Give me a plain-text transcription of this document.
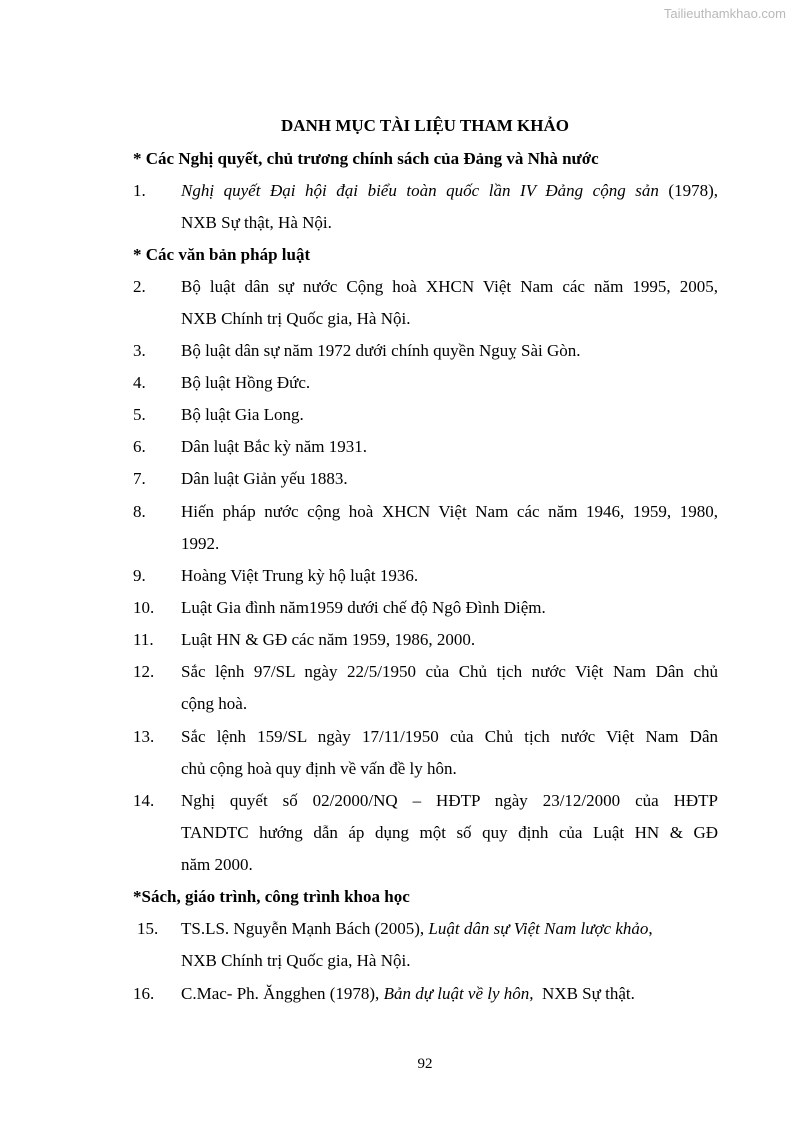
Tailieuthamkhao.com
DANH MỤC TÀI LIỆU THAM KHẢO
* Các Nghị quyết, chủ trương chính sách của Đảng và Nhà nước
1. Nghị quyết Đại hội đại biểu toàn quốc lần IV Đảng cộng sản (1978),
NXB Sự thật, Hà Nội.
* Các văn bản pháp luật
2. Bộ luật dân sự nước Cộng hoà XHCN Việt Nam các năm 1995, 2005,
NXB Chính trị Quốc gia, Hà Nội.
3. Bộ luật dân sự năm 1972 dưới chính quyền Nguỵ Sài Gòn.
4. Bộ luật Hồng Đức.
5. Bộ luật Gia Long.
6. Dân luật Bắc kỳ năm 1931.
7. Dân luật Giản yếu 1883.
8. Hiến pháp nước cộng hoà XHCN Việt Nam các năm 1946, 1959, 1980,
1992.
9. Hoàng Việt Trung kỳ hộ luật 1936.
10. Luật Gia đình năm1959 dưới chế độ Ngô Đình Diệm.
11. Luật HN & GĐ các năm 1959, 1986, 2000.
12. Sắc lệnh 97/SL ngày 22/5/1950 của Chủ tịch nước Việt Nam Dân chủ
cộng hoà.
13. Sắc lệnh 159/SL ngày 17/11/1950 của Chủ tịch nước Việt Nam Dân
chủ cộng hoà quy định về vấn đề ly hôn.
14. Nghị quyết số 02/2000/NQ – HĐTP ngày 23/12/2000 của HĐTP
TANDTC hướng dẫn áp dụng một số quy định của Luật HN & GĐ
năm 2000.
*Sách, giáo trình, công trình khoa học
15. TS.LS. Nguyễn Mạnh Bách (2005), Luật dân sự Việt Nam lược khảo,
NXB Chính trị Quốc gia, Hà Nội.
16. C.Mac- Ph. Ăngghen (1978), Bản dự luật về ly hôn,  NXB Sự thật.
92
